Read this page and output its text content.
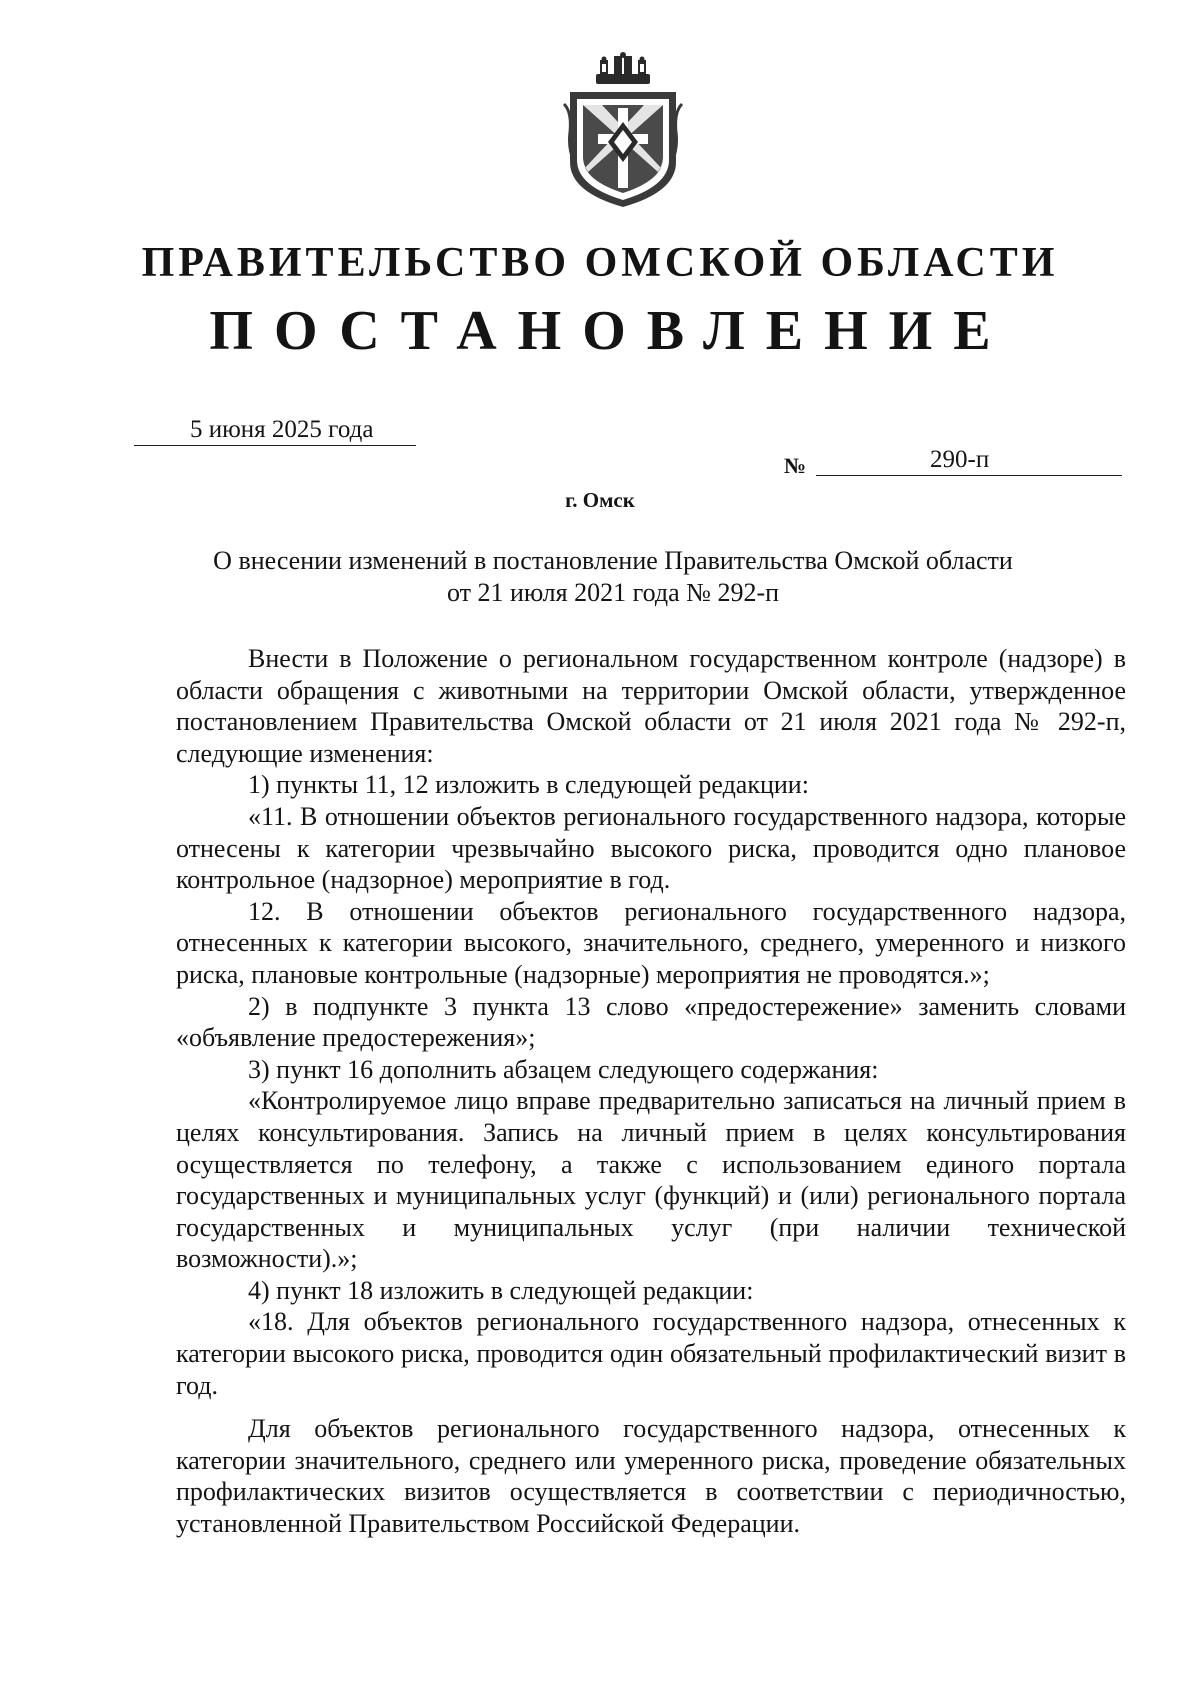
ПРАВИТЕЛЬСТВО ОМСКОЙ ОБЛАСТИ
ПОСТАНОВЛЕНИЕ
5 июня 2025 года
№	290-п
г. Омск
О внесении изменений в постановление Правительства Омской области
от 21 июля 2021 года № 292-п

Внести в Положение о региональном государственном контроле (надзоре) в области обращения с животными на территории Омской области, утвержденное постановлением Правительства Омской области от 21 июля 2021 года № 292-п, следующие изменения:

1) пункты 11, 12 изложить в следующей редакции:

«11. В отношении объектов регионального государственного надзора, которые отнесены к категории чрезвычайно высокого риска, проводится одно плановое контрольное (надзорное) мероприятие в год.

12. В отношении объектов регионального государственного надзора, отнесенных к категории высокого, значительного, среднего, умеренного и низкого риска, плановые контрольные (надзорные) мероприятия не проводятся.»;

2) в подпункте 3 пункта 13 слово «предостережение» заменить словами «объявление предостережения»;

3) пункт 16 дополнить абзацем следующего содержания:

«Контролируемое лицо вправе предварительно записаться на личный прием в целях консультирования. Запись на личный прием в целях консультирования осуществляется по телефону, а также с использованием единого портала государственных и муниципальных услуг (функций) и (или) регионального портала государственных и муниципальных услуг (при наличии технической возможности).»;

4) пункт 18 изложить в следующей редакции:

«18. Для объектов регионального государственного надзора, отнесенных к категории высокого риска, проводится один обязательный профилактический визит в год.

Для объектов регионального государственного надзора, отнесенных к категории значительного, среднего или умеренного риска, проведение обязательных профилактических визитов осуществляется в соответствии с периодичностью, установленной Правительством Российской Федерации.
